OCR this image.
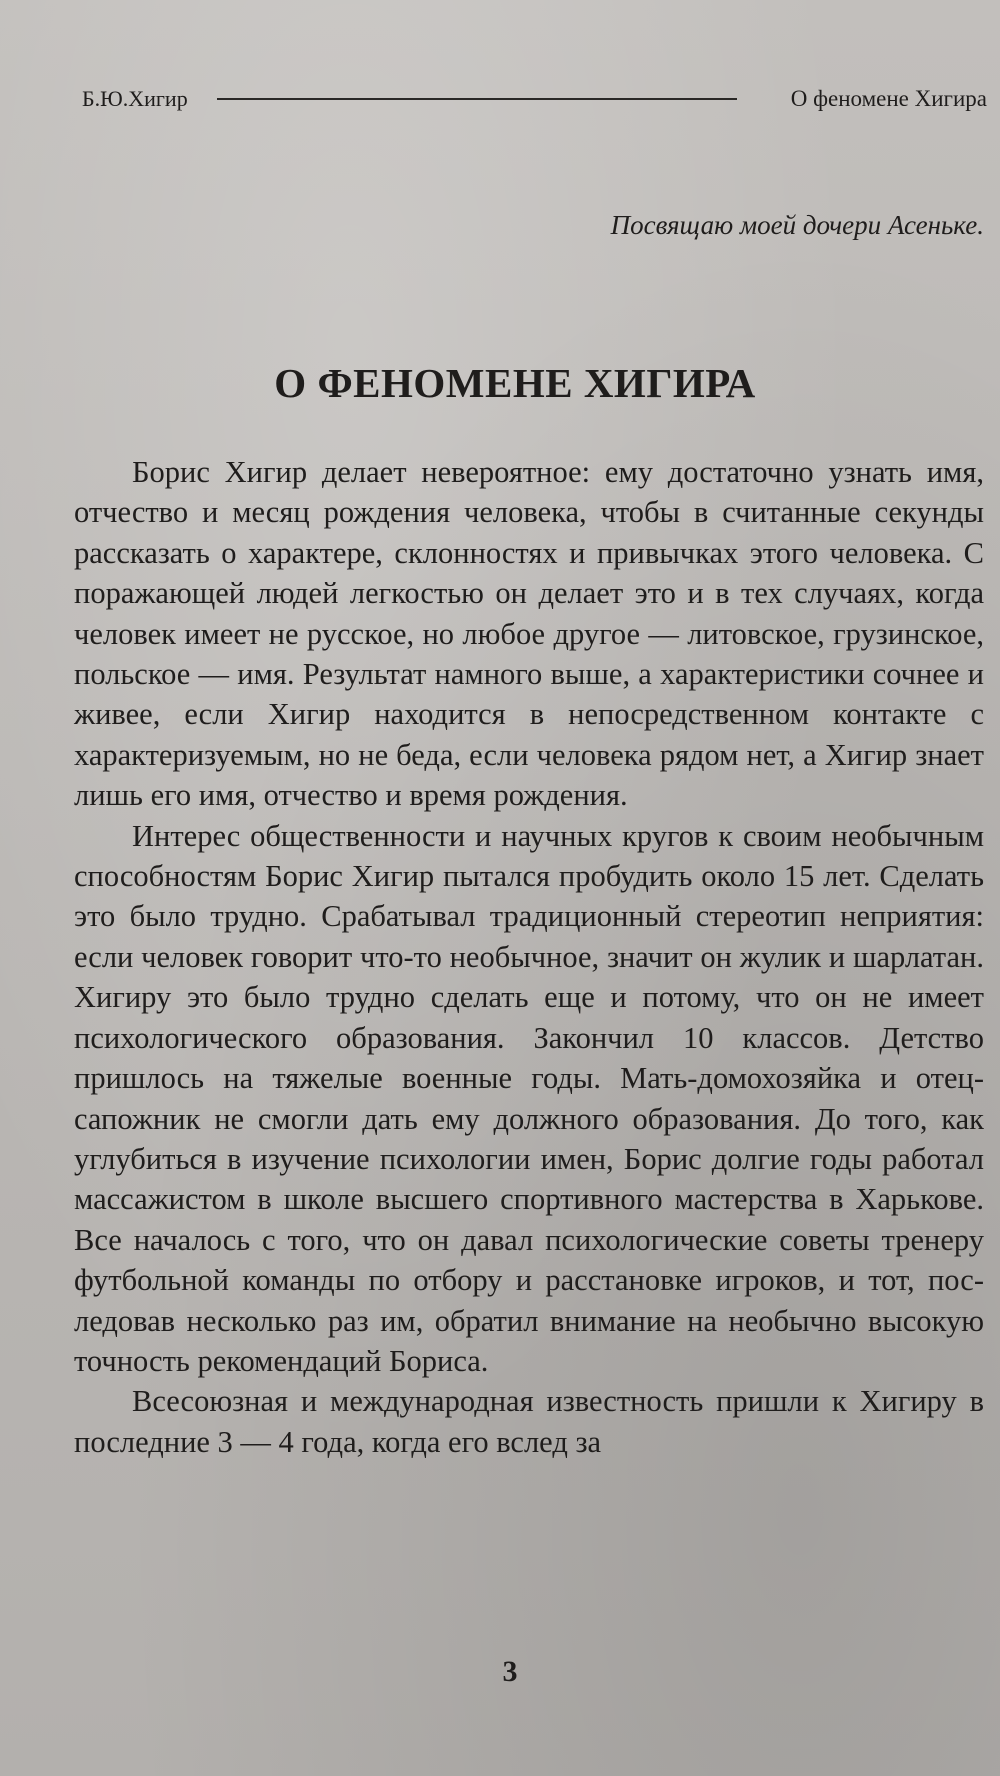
Б.Ю.Хигир	О феномене Хигира
Посвящаю моей дочери Асеньке.
О ФЕНОМЕНЕ ХИГИРА

Борис Хигир делает невероятное: ему достаточно узнать имя, отчество и месяц рождения человека, чтобы в считанные секунды рассказать о характере, склонностях и привычках этого человека. С поражающей людей легкостью он делает это и в тех случаях, когда человек имеет не русское, но любое другое — литовское, грузинское, польское — имя. Результат намного выше, а характеристики сочнее и живее, если Хигир находится в непосредственном контакте с характеризуемым, но не беда, если человека рядом нет, а Хигир знает лишь его имя, отчество и время рождения.

Интерес общественности и научных кругов к своим необычным способностям Борис Хигир пытался пробудить около 15 лет. Сделать это было трудно. Срабатывал традиционный стереотип неприятия: если человек говорит что-то необычное, значит он жулик и шарлатан. Хигиру это было трудно сделать еще и потому, что он не имеет психологического образования. Закончил 10 классов. Детство пришлось на тяжелые военные годы. Мать-домохозяйка и отец-сапожник не смогли дать ему должного образования. До того, как углубиться в изучение психологии имен, Борис долгие годы работал массажистом в школе высшего спортивного мастерства в Харькове. Все началось с того, что он давал психологические советы тренеру футбольной команды по отбору и расстановке игроков, и тот, последовав несколько раз им, обратил внимание на необычно высокую точность рекомендаций Бориса.

Всесоюзная и международная известность пришли к Хигиру в последние 3 — 4 года, когда его вслед за

3
